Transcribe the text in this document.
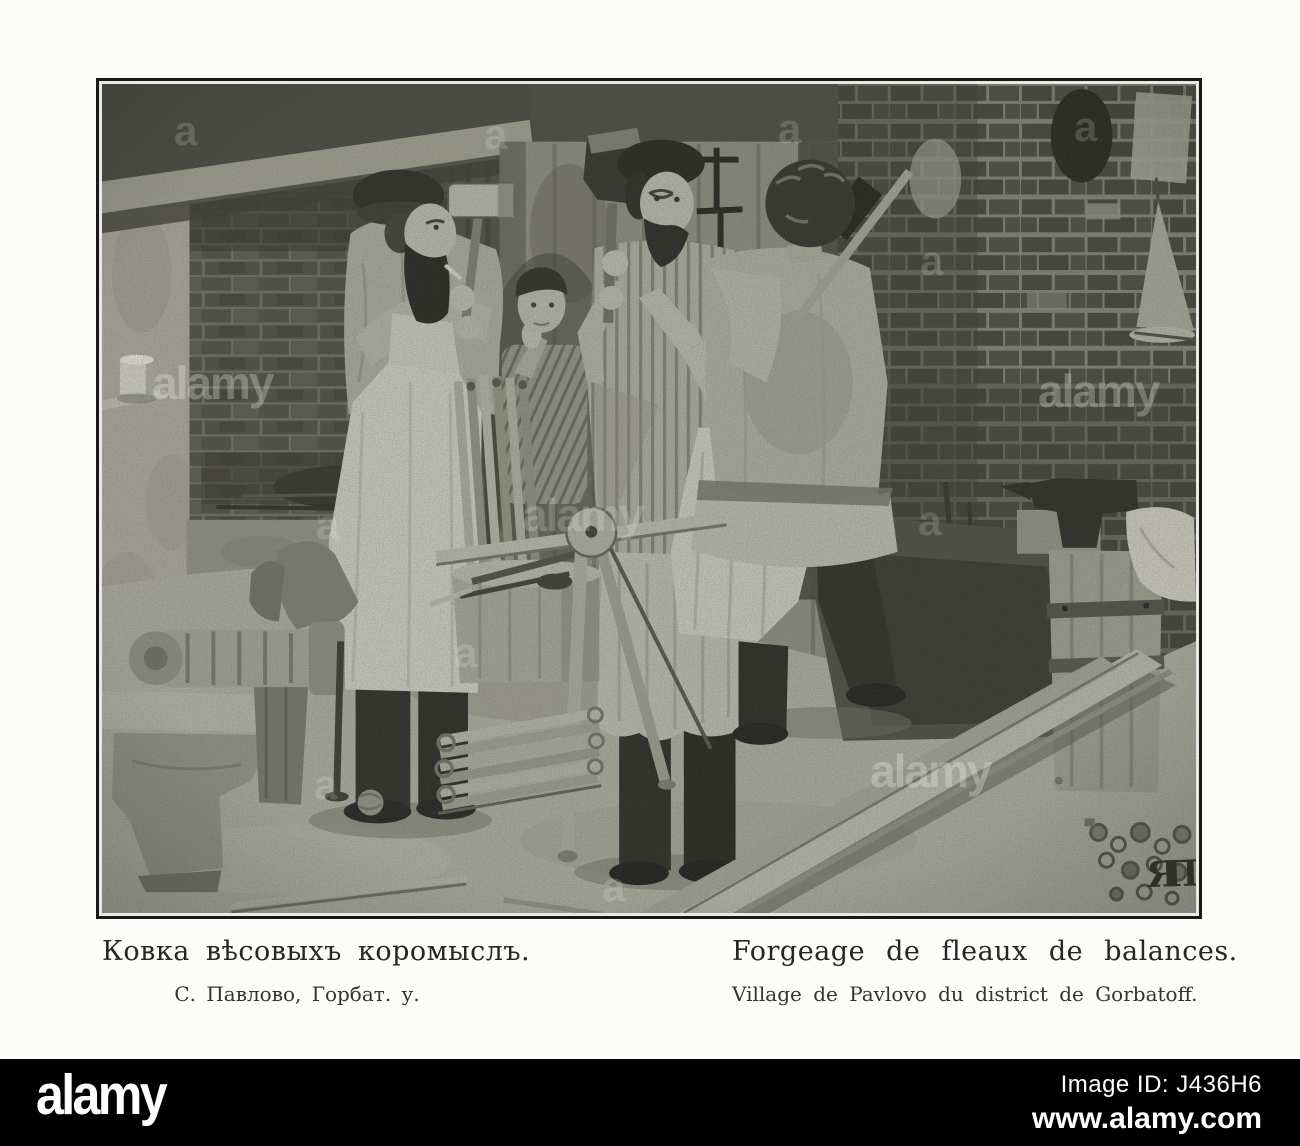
alamy	alamy
alamy
Ковка вѣсовыхъ коромыслъ.
С. Павлово, Горбат. у.
Forgeage de fleaux de balances.
Village de Pavlovo du district de Gorbatoff.
alamy	Image ID: J436H6
www.alamy.com
